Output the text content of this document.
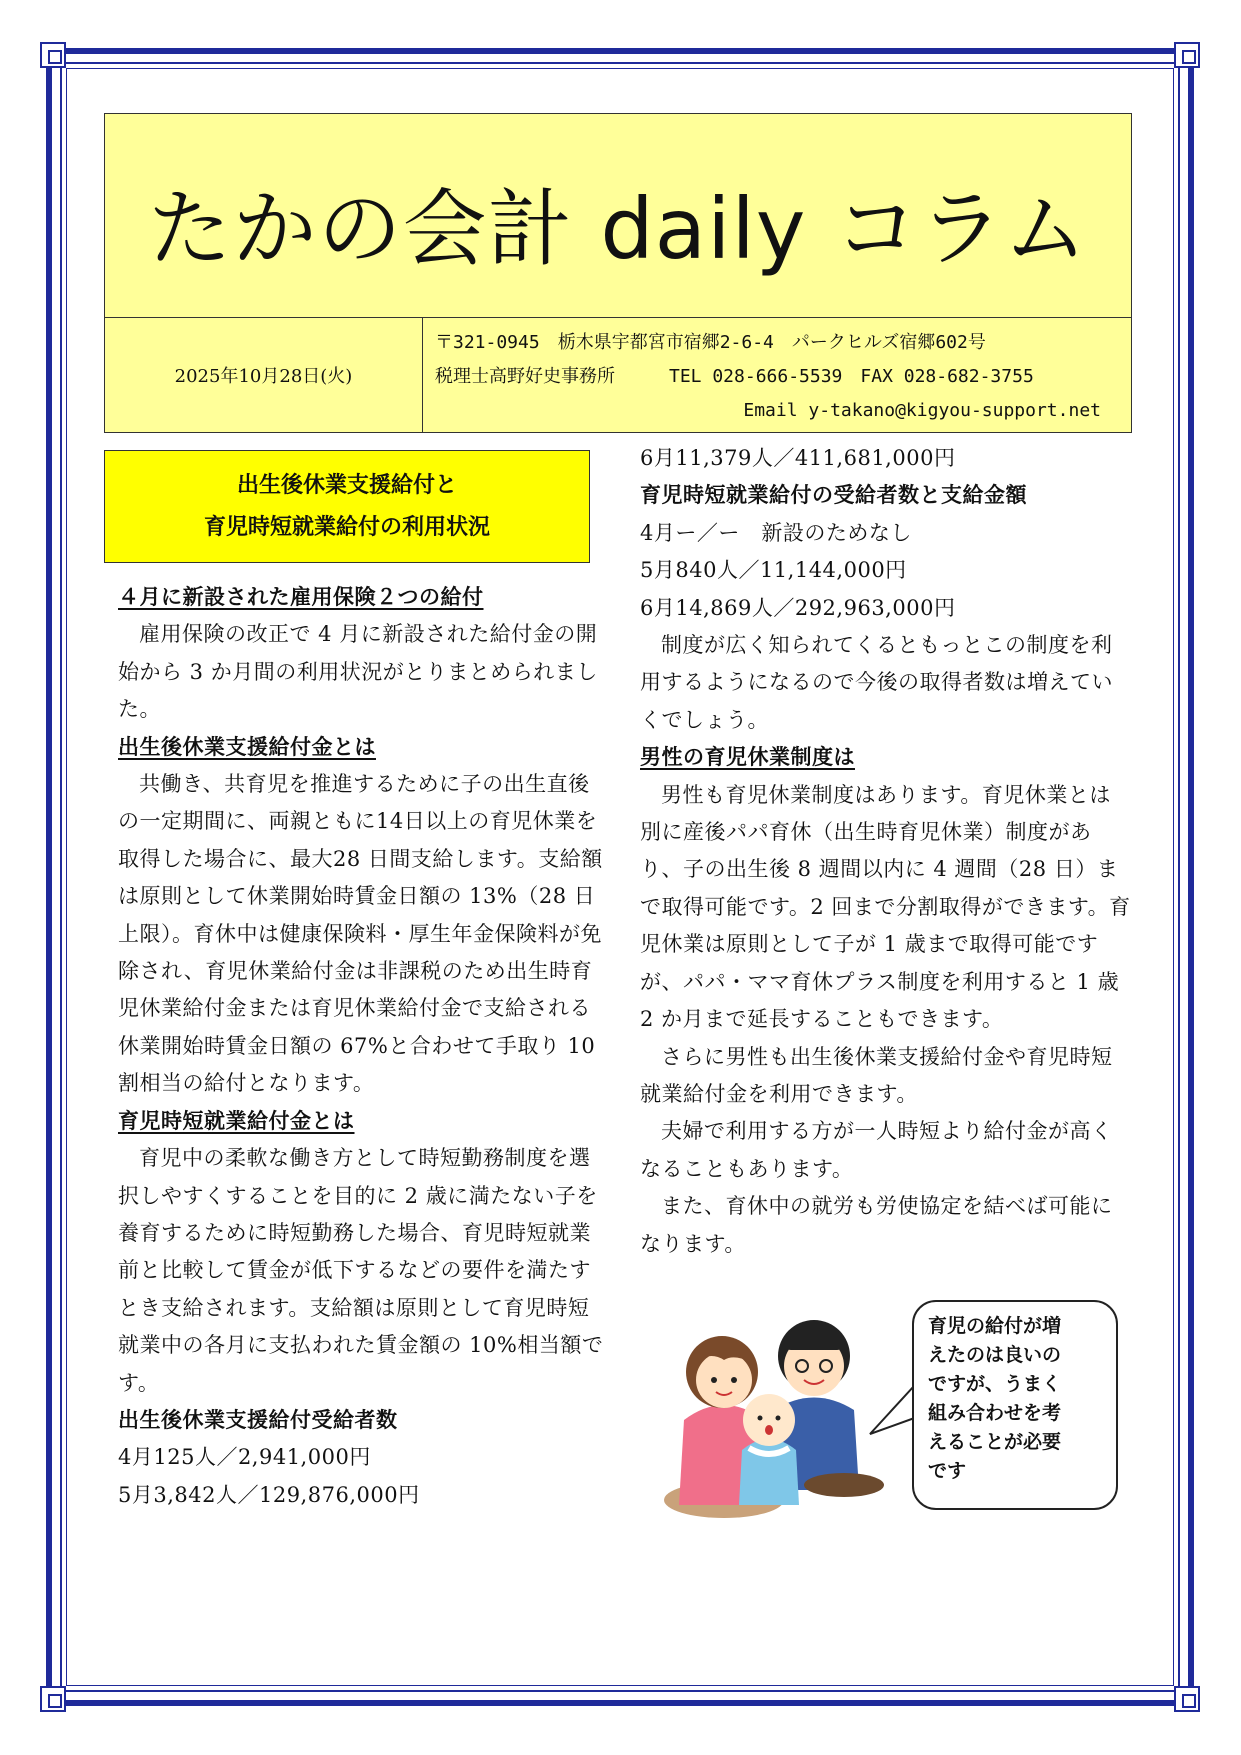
たかの会計 daily コラム
2025年10月28日(火)
〒321-0945　栃木県宇都宮市宿郷2-6-4　パークヒルズ宿郷602号
税理士高野好史事務所　　　TEL 028-666-5539　FAX 028-682-3755
Email y-takano@kigyou-support.net
出生後休業支援給付と
育児時短就業給付の利用状況

４月に新設された雇用保険２つの給付

雇用保険の改正で 4 月に新設された給付金の開始から 3 か月間の利用状況がとりまとめられました。

出生後休業支援給付金とは

共働き、共育児を推進するために子の出生直後の一定期間に、両親ともに14日以上の育児休業を取得した場合に、最大28 日間支給します。支給額は原則として休業開始時賃金日額の 13%（28 日上限）。育休中は健康保険料・厚生年金保険料が免除され、育児休業給付金は非課税のため出生時育児休業給付金または育児休業給付金で支給される休業開始時賃金日額の 67%と合わせて手取り 10 割相当の給付となります。

育児時短就業給付金とは

育児中の柔軟な働き方として時短勤務制度を選択しやすくすることを目的に 2 歳に満たない子を養育するために時短勤務した場合、育児時短就業前と比較して賃金が低下するなどの要件を満たすとき支給されます。支給額は原則として育児時短就業中の各月に支払われた賃金額の 10%相当額です。

出生後休業支援給付受給者数

4月125人／2,941,000円

5月3,842人／129,876,000円

6月11,379人／411,681,000円

育児時短就業給付の受給者数と支給金額

4月ー／ー　新設のためなし

5月840人／11,144,000円

6月14,869人／292,963,000円

制度が広く知られてくるともっとこの制度を利用するようになるので今後の取得者数は増えていくでしょう。

男性の育児休業制度は

男性も育児休業制度はあります。育児休業とは別に産後パパ育休（出生時育児休業）制度があり、子の出生後 8 週間以内に 4 週間（28 日）まで取得可能です。2 回まで分割取得ができます。育児休業は原則として子が 1 歳まで取得可能ですが、パパ・ママ育休プラス制度を利用すると 1 歳 2 か月まで延長することもできます。

さらに男性も出生後休業支援給付金や育児時短就業給付金を利用できます。

夫婦で利用する方が一人時短より給付金が高くなることもあります。

また、育休中の就労も労使協定を結べば可能になります。

育児の給付が増
えたのは良いの
ですが、うまく
組み合わせを考
えることが必要
です
